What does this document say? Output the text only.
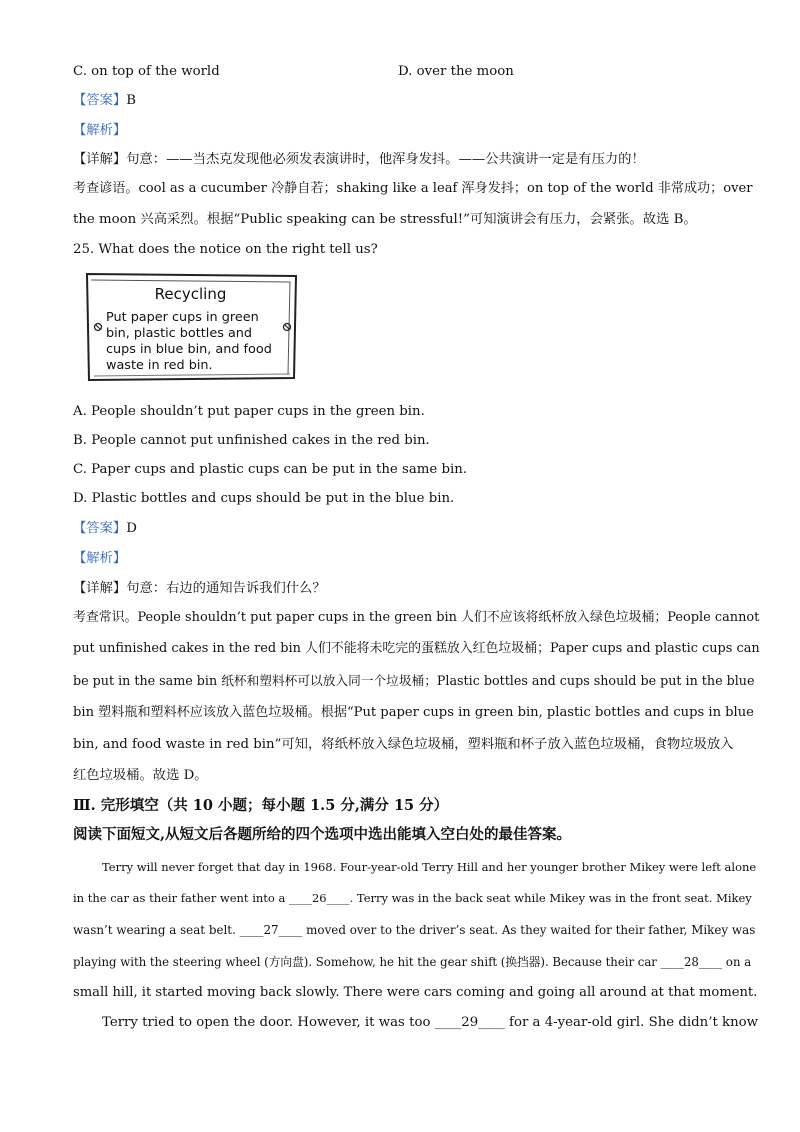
C. on top of the world	D. over the moon
【答案】B
【解析】
【详解】句意：——当杰克发现他必须发表演讲时，他浑身发抖。——公共演讲一定是有压力的！
考查谚语。cool as a cucumber 冷静自若；shaking like a leaf 浑身发抖；on top of the world 非常成功；over
the moon 兴高采烈。根据“Public speaking can be stressful!”可知演讲会有压力，会紧张。故选 B。
25. What does the notice on the right tell us?
Recycling
Put paper cups in green bin, plastic bottles and cups in blue bin, and food waste in red bin.
A. People shouldn’t put paper cups in the green bin.
B. People cannot put unfinished cakes in the red bin.
C. Paper cups and plastic cups can be put in the same bin.
D. Plastic bottles and cups should be put in the blue bin.
【答案】D
【解析】
【详解】句意：右边的通知告诉我们什么？
考查常识。People shouldn’t put paper cups in the green bin 人们不应该将纸杯放入绿色垃圾桶；People cannot
put unfinished cakes in the red bin 人们不能将未吃完的蛋糕放入红色垃圾桶；Paper cups and plastic cups can
be put in the same bin 纸杯和塑料杯可以放入同一个垃圾桶；Plastic bottles and cups should be put in the blue
bin 塑料瓶和塑料杯应该放入蓝色垃圾桶。根据“Put paper cups in green bin, plastic bottles and cups in blue
bin, and food waste in red bin”可知，将纸杯放入绿色垃圾桶，塑料瓶和杯子放入蓝色垃圾桶，食物垃圾放入
红色垃圾桶。故选 D。
Ⅲ. 完形填空（共 10 小题；每小题 1.5 分,满分 15 分）
阅读下面短文,从短文后各题所给的四个选项中选出能填入空白处的最佳答案。
Terry will never forget that day in 1968. Four-year-old Terry Hill and her younger brother Mikey were left alone
in the car as their father went into a ____26____. Terry was in the back seat while Mikey was in the front seat. Mikey
wasn’t wearing a seat belt. ____27____ moved over to the driver’s seat. As they waited for their father, Mikey was
playing with the steering wheel (方向盘). Somehow, he hit the gear shift (换挡器). Because their car ____28____ on a
small hill, it started moving back slowly. There were cars coming and going all around at that moment.
Terry tried to open the door. However, it was too ____29____ for a 4-year-old girl. She didn’t know
